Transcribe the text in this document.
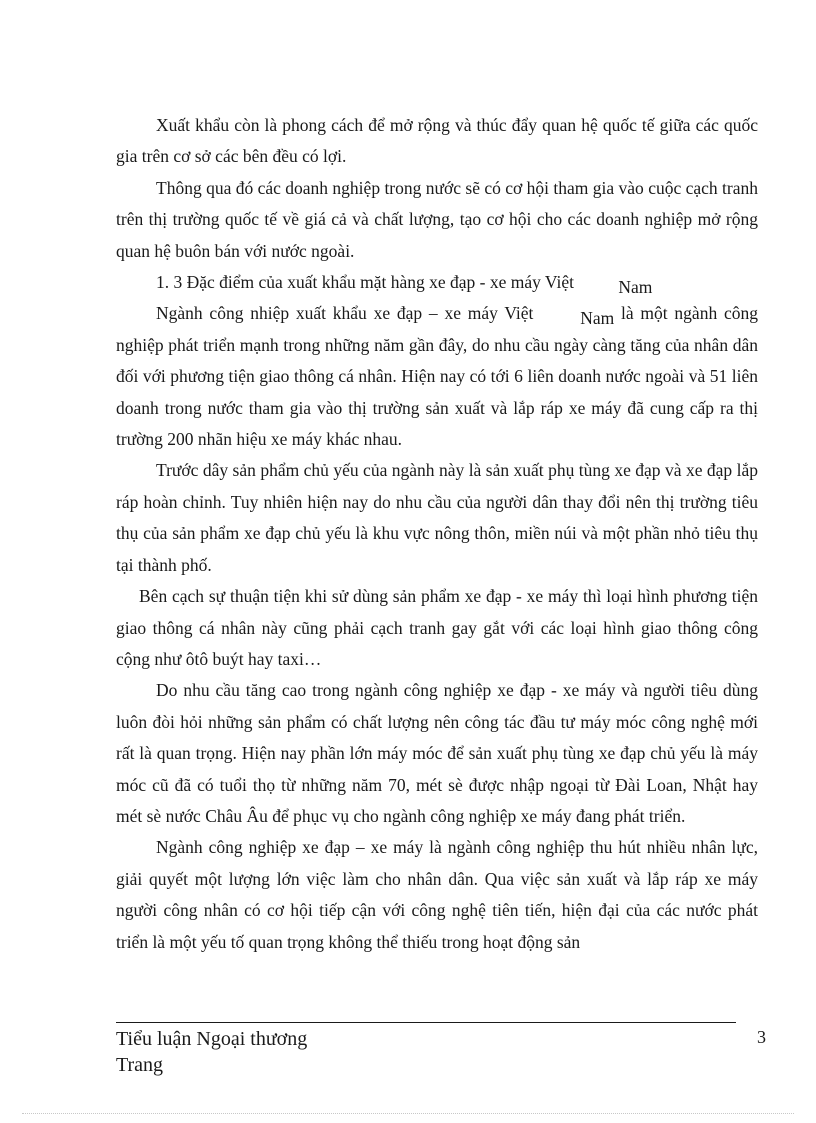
Xuất khẩu còn là phong cách để mở rộng và thúc đẩy quan hệ quốc tế giữa các quốc gia trên cơ sở các bên đều có lợi.

Thông qua đó các doanh nghiệp trong nước sẽ có cơ hội tham gia vào cuộc cạch tranh trên thị trường quốc tế về giá cả và chất lượng, tạo cơ hội cho các doanh nghiệp mở rộng quan hệ buôn bán với nước ngoài.

1. 3 Đặc điểm của xuất khẩu mặt hàng xe đạp - xe máy Việt Nam

Ngành công nhiệp xuất khẩu xe đạp – xe máy Việt Nam là một ngành công nghiệp phát triển mạnh trong những năm gần đây, do nhu cầu ngày càng tăng của nhân dân đối với phương tiện giao thông cá nhân. Hiện nay có tới 6 liên doanh nước ngoài và 51 liên doanh trong nước tham gia vào thị trường sản xuất và lắp ráp xe máy đã cung cấp ra thị trường 200 nhãn hiệu xe máy khác nhau.

Trước dây sản phẩm chủ yếu của ngành này là sản xuất phụ tùng xe đạp và xe đạp lắp ráp hoàn chỉnh. Tuy nhiên hiện nay do nhu cầu của người dân thay đổi nên thị trường tiêu thụ của sản phẩm xe đạp chủ yếu là khu vực nông thôn, miền núi và một phần nhỏ tiêu thụ tại thành phố.

Bên cạch sự thuận tiện khi sử dùng sản phẩm xe đạp - xe máy thì loại hình phương tiện giao thông cá nhân này cũng phải cạch tranh gay gắt với các loại hình giao thông công cộng như ôtô buýt hay taxi…

Do nhu cầu tăng cao trong ngành công nghiệp xe đạp - xe máy và người tiêu dùng luôn đòi hỏi những sản phẩm có chất lượng nên công tác đầu tư máy móc công nghệ mới rất là quan trọng. Hiện nay phần lớn máy móc để sản xuất phụ tùng xe đạp chủ yếu là máy móc cũ đã có tuổi thọ từ những năm 70, mét sè được nhập ngoại từ Đài Loan, Nhật hay mét sè nước Châu Âu để phục vụ cho ngành công nghiệp xe máy đang phát triển.

Ngành công nghiệp xe đạp – xe máy là ngành công nghiệp thu hút nhiều nhân lực, giải quyết một lượng lớn việc làm cho nhân dân. Qua việc sản xuất và lắp ráp xe máy người công nhân có cơ hội tiếp cận với công nghệ tiên tiến, hiện đại của các nước phát triển là một yếu tố quan trọng không thể thiếu trong hoạt động sản

Tiểu luận Ngoại thương
Trang
3
